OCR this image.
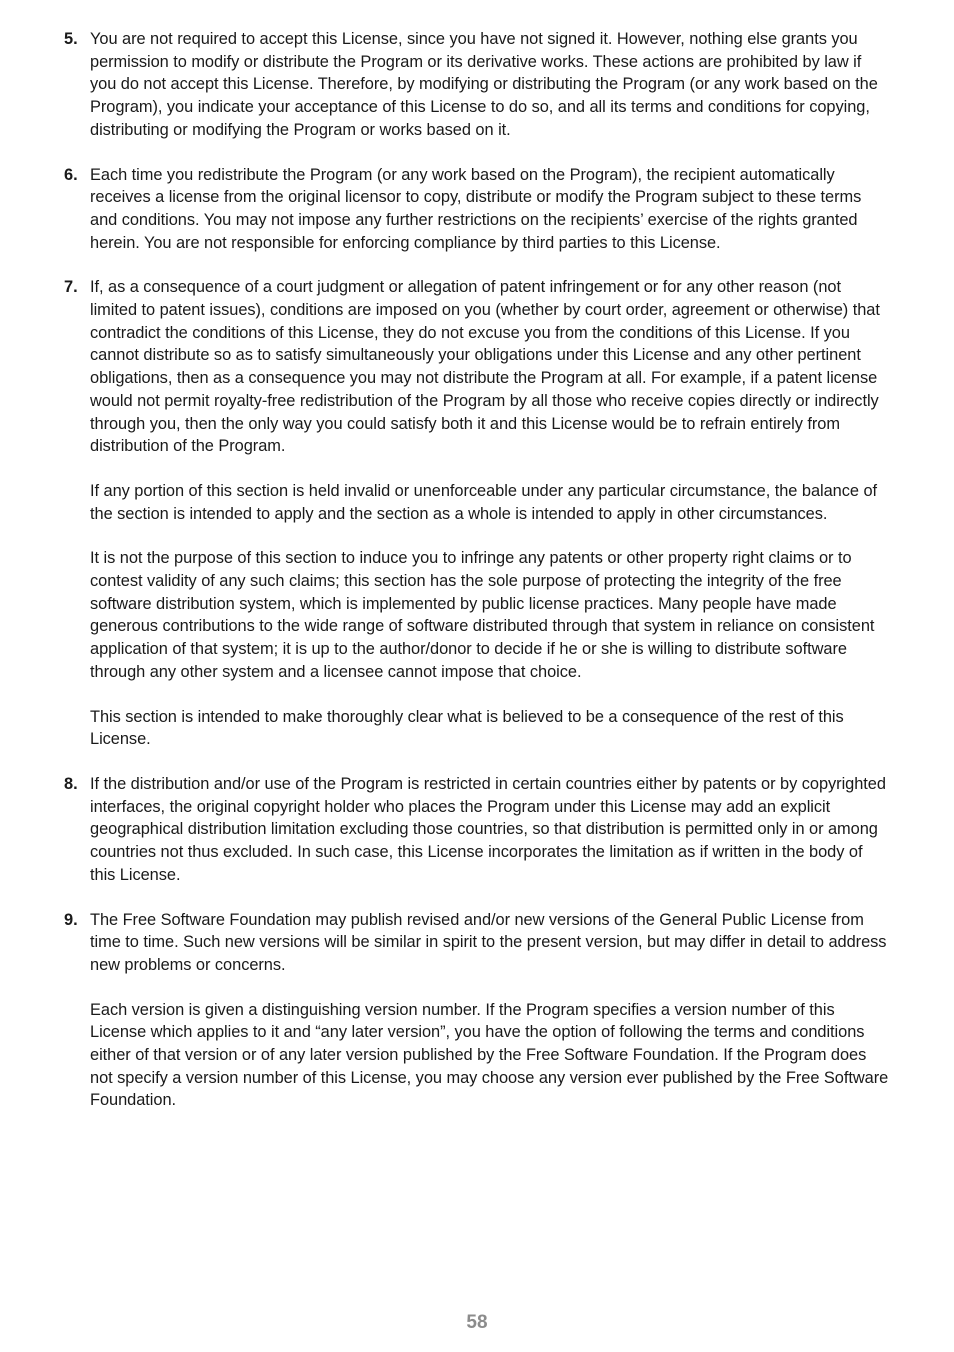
5. You are not required to accept this License, since you have not signed it. However, nothing else grants you permission to modify or distribute the Program or its derivative works. These actions are prohibited by law if you do not accept this License. Therefore, by modifying or distributing the Program (or any work based on the Program), you indicate your acceptance of this License to do so, and all its terms and conditions for copying, distributing or modifying the Program or works based on it.

6. Each time you redistribute the Program (or any work based on the Program), the recipient automatically receives a license from the original licensor to copy, distribute or modify the Program subject to these terms and conditions. You may not impose any further restrictions on the recipients’ exercise of the rights granted herein. You are not responsible for enforcing compliance by third parties to this License.

7. If, as a consequence of a court judgment or allegation of patent infringement or for any other reason (not limited to patent issues), conditions are imposed on you (whether by court order, agreement or otherwise) that contradict the conditions of this License, they do not excuse you from the conditions of this License. If you cannot distribute so as to satisfy simultaneously your obligations under this License and any other pertinent obligations, then as a consequence you may not distribute the Program at all. For example, if a patent license would not permit royalty-free redistribution of the Program by all those who receive copies directly or indirectly through you, then the only way you could satisfy both it and this License would be to refrain entirely from distribution of the Program.

If any portion of this section is held invalid or unenforceable under any particular circumstance, the balance of the section is intended to apply and the section as a whole is intended to apply in other circumstances.

It is not the purpose of this section to induce you to infringe any patents or other property right claims or to contest validity of any such claims; this section has the sole purpose of protecting the integrity of the free software distribution system, which is implemented by public license practices. Many people have made generous contributions to the wide range of software distributed through that system in reliance on consistent application of that system; it is up to the author/donor to decide if he or she is willing to distribute software through any other system and a licensee cannot impose that choice.

This section is intended to make thoroughly clear what is believed to be a consequence of the rest of this License.

8. If the distribution and/or use of the Program is restricted in certain countries either by patents or by copyrighted interfaces, the original copyright holder who places the Program under this License may add an explicit geographical distribution limitation excluding those countries, so that distribution is permitted only in or among countries not thus excluded. In such case, this License incorporates the limitation as if written in the body of this License.

9. The Free Software Foundation may publish revised and/or new versions of the General Public License from time to time. Such new versions will be similar in spirit to the present version, but may differ in detail to address new problems or concerns.

Each version is given a distinguishing version number. If the Program specifies a version number of this License which applies to it and “any later version”, you have the option of following the terms and conditions either of that version or of any later version published by the Free Software Foundation. If the Program does not specify a version number of this License, you may choose any version ever published by the Free Software Foundation.

58
